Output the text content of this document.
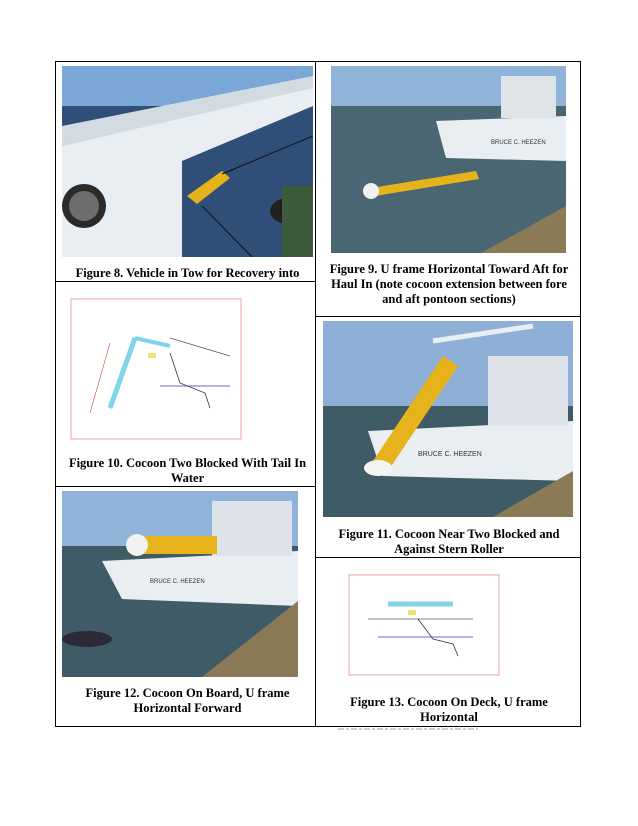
Figure 8. Vehicle in Tow for Recovery into
BRUCE C. HEEZEN
Figure 9. U frame Horizontal Toward Aft for Haul In (note cocoon extension between fore and aft pontoon sections)
Figure 10. Cocoon Two Blocked With Tail In Water
BRUCE C. HEEZEN
Figure 11. Cocoon Near Two Blocked and Against Stern Roller
BRUCE C. HEEZEN
Figure 12. Cocoon On Board, U frame Horizontal Forward	Figure 13. Cocoon On Deck, U frame Horizontal
